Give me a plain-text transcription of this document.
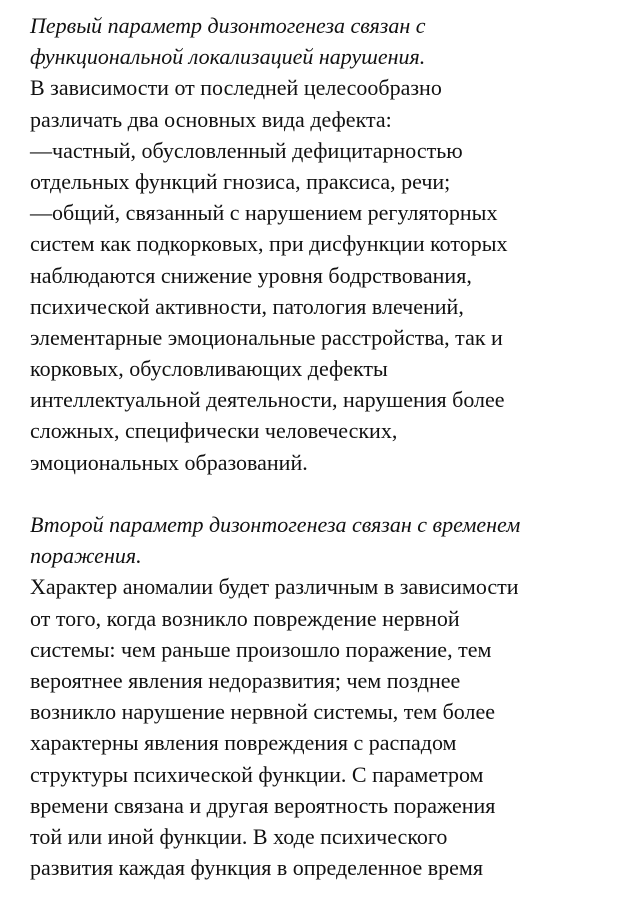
Первый параметр дизонтогенеза связан с
функциональной локализацией нарушения.
В зависимости от последней целесообразно
различать два основных вида дефекта:
—частный, обусловленный дефицитарностью
отдельных функций гнозиса, праксиса, речи;
—общий, связанный с нарушением регуляторных
систем как подкорковых, при дисфункции которых
наблюдаются снижение уровня бодрствования,
психической активности, патология влечений,
элементарные эмоциональные расстройства, так и
корковых, обусловливающих дефекты
интеллектуальной деятельности, нарушения более
сложных, специфически человеческих,
эмоциональных образований.
Второй параметр дизонтогенеза связан с временем
поражения.
Характер аномалии будет различным в зависимости
от того, когда возникло повреждение нервной
системы: чем раньше произошло поражение, тем
вероятнее явления недоразвития; чем позднее
возникло нарушение нервной системы, тем более
характерны явления повреждения с распадом
структуры психической функции. С параметром
времени связана и другая вероятность поражения
той или иной функции. В ходе психического
развития каждая функция в определенное время
